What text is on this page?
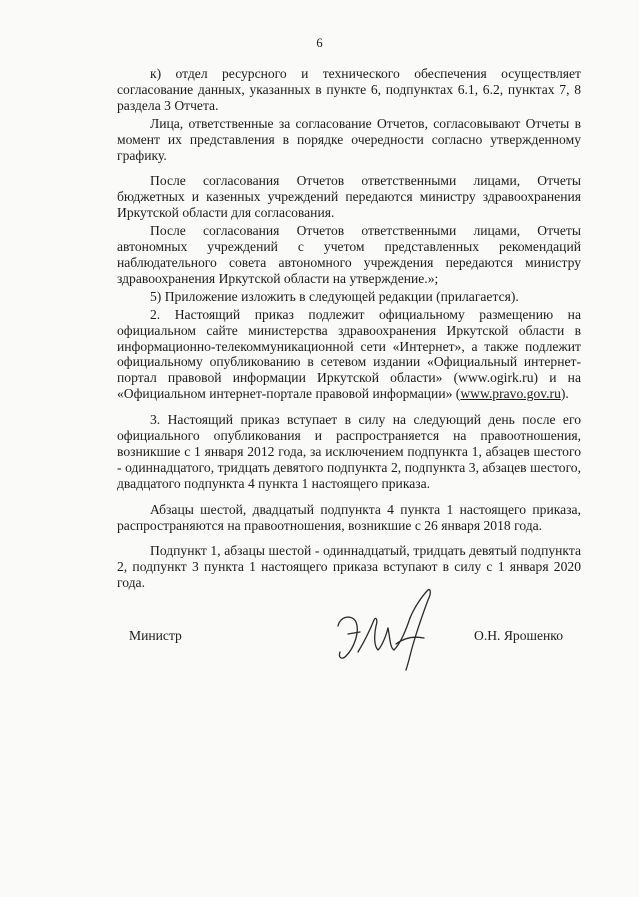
6

к) отдел ресурсного и технического обеспечения осуществляет согласование данных, указанных в пункте 6, подпунктах 6.1, 6.2, пунктах 7, 8 раздела 3 Отчета.

Лица, ответственные за согласование Отчетов, согласовывают Отчеты в момент их представления в порядке очередности согласно утвержденному графику.

После согласования Отчетов ответственными лицами, Отчеты бюджетных и казенных учреждений передаются министру здравоохранения Иркутской области для согласования.

После согласования Отчетов ответственными лицами, Отчеты автономных учреждений с учетом представленных рекомендаций наблюдательного совета автономного учреждения передаются министру здравоохранения Иркутской области на утверждение.»;

5) Приложение изложить в следующей редакции (прилагается).

2. Настоящий приказ подлежит официальному размещению на официальном сайте министерства здравоохранения Иркутской области в информационно-телекоммуникационной сети «Интернет», а также подлежит официальному опубликованию в сетевом издании «Официальный интернет-портал правовой информации Иркутской области» (www.ogirk.ru) и на «Официальном интернет-портале правовой информации» (www.pravo.gov.ru).

3. Настоящий приказ вступает в силу на следующий день после его официального опубликования и распространяется на правоотношения, возникшие с 1 января 2012 года, за исключением подпункта 1, абзацев шестого - одиннадцатого, тридцать девятого подпункта 2, подпункта 3, абзацев шестого, двадцатого подпункта 4 пункта 1 настоящего приказа.

Абзацы шестой, двадцатый подпункта 4 пункта 1 настоящего приказа, распространяются на правоотношения, возникшие с 26 января 2018 года.

Подпункт 1, абзацы шестой - одиннадцатый, тридцать девятый подпункта 2, подпункт 3 пункта 1 настоящего приказа вступают в силу с 1 января 2020 года.

Министр	О.Н. Ярошенко
